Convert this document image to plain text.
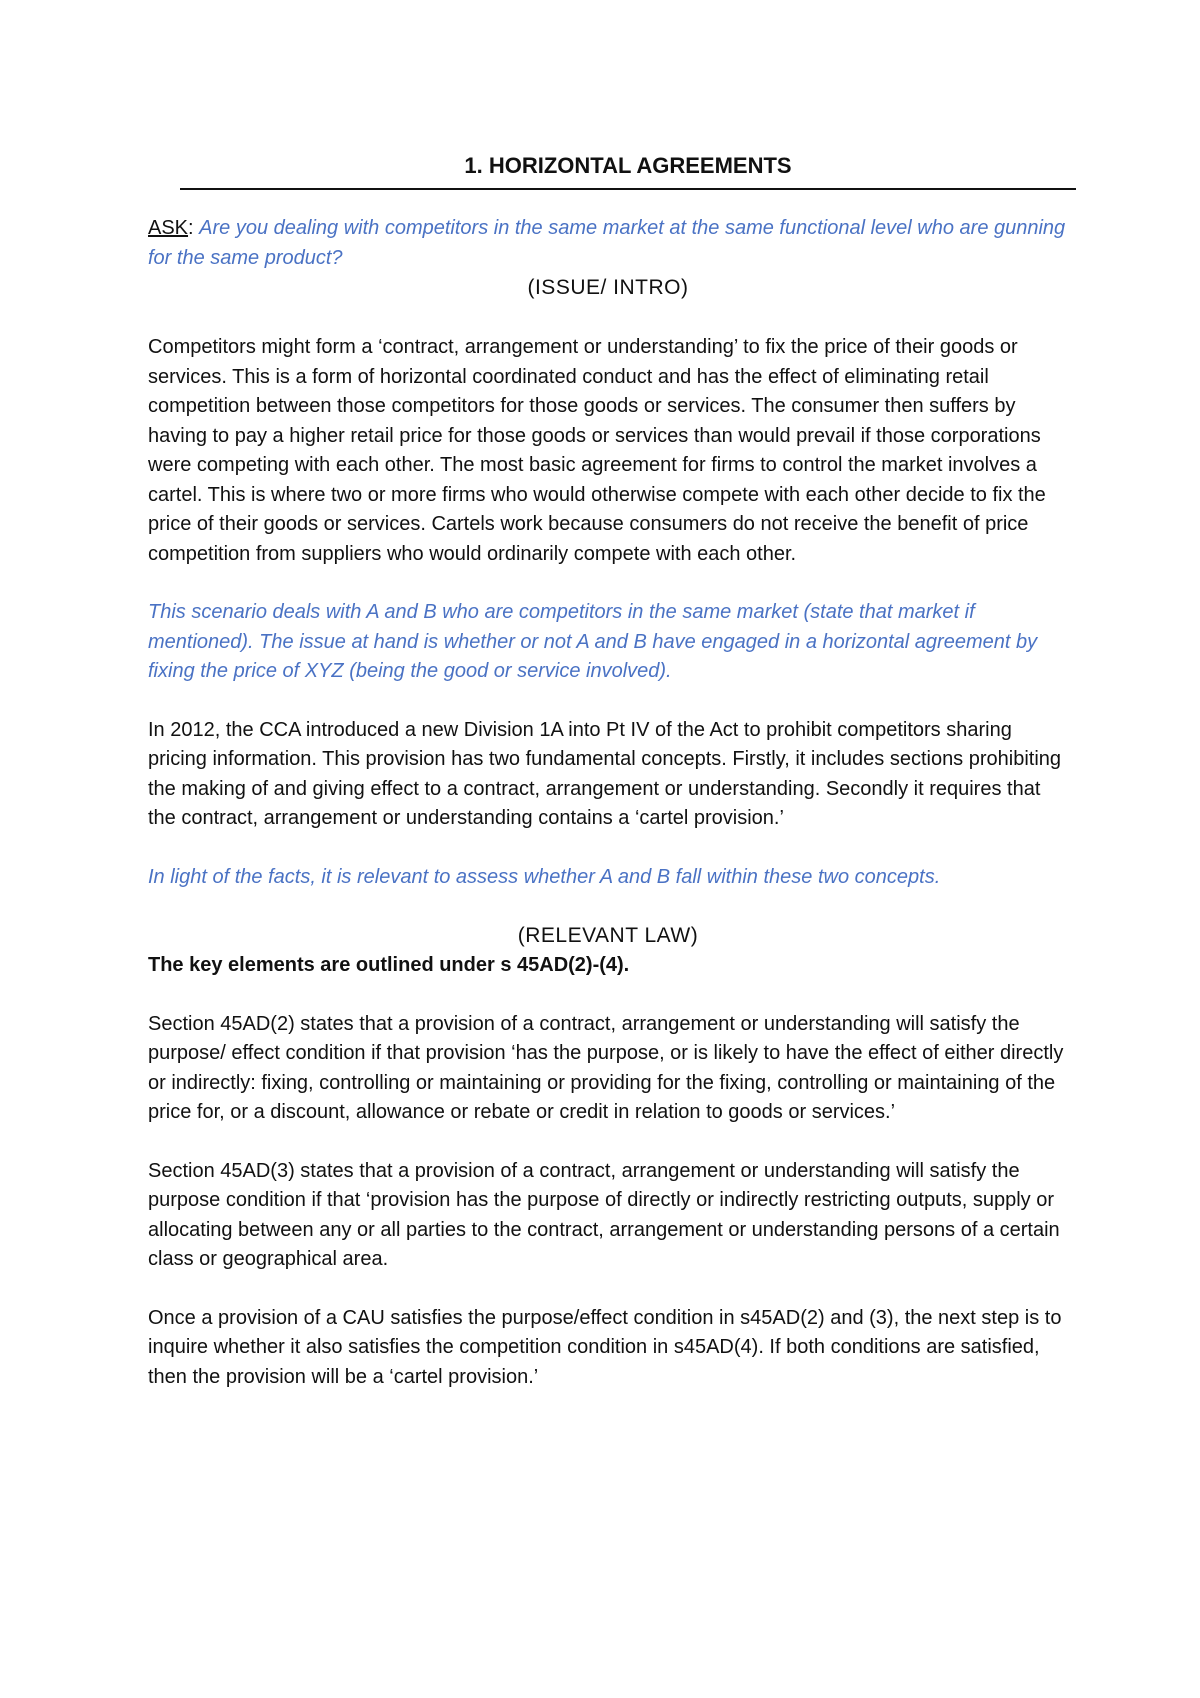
1. HORIZONTAL AGREEMENTS
ASK: Are you dealing with competitors in the same market at the same functional level who are gunning for the same product?
(ISSUE/ INTRO)

Competitors might form a ‘contract, arrangement or understanding’ to fix the price of their goods or services. This is a form of horizontal coordinated conduct and has the effect of eliminating retail competition between those competitors for those goods or services. The consumer then suffers by having to pay a higher retail price for those goods or services than would prevail if those corporations were competing with each other. The most basic agreement for firms to control the market involves a cartel. This is where two or more firms who would otherwise compete with each other decide to fix the price of their goods or services. Cartels work because consumers do not receive the benefit of price competition from suppliers who would ordinarily compete with each other.

This scenario deals with A and B who are competitors in the same market (state that market if mentioned). The issue at hand is whether or not A and B have engaged in a horizontal agreement by fixing the price of XYZ (being the good or service involved).

In 2012, the CCA introduced a new Division 1A into Pt IV of the Act to prohibit competitors sharing pricing information. This provision has two fundamental concepts. Firstly, it includes sections prohibiting the making of and giving effect to a contract, arrangement or understanding. Secondly it requires that the contract, arrangement or understanding contains a ‘cartel provision.’

In light of the facts, it is relevant to assess whether A and B fall within these two concepts.

(RELEVANT LAW)

The key elements are outlined under s 45AD(2)-(4).

Section 45AD(2) states that a provision of a contract, arrangement or understanding will satisfy the purpose/ effect condition if that provision ‘has the purpose, or is likely to have the effect of either directly or indirectly: fixing, controlling or maintaining or providing for the fixing, controlling or maintaining of the price for, or a discount, allowance or rebate or credit in relation to goods or services.’

Section 45AD(3) states that a provision of a contract, arrangement or understanding will satisfy the purpose condition if that ‘provision has the purpose of directly or indirectly restricting outputs, supply or allocating between any or all parties to the contract, arrangement or understanding persons of a certain class or geographical area.

Once a provision of a CAU satisfies the purpose/effect condition in s45AD(2) and (3), the next step is to inquire whether it also satisfies the competition condition in s45AD(4). If both conditions are satisfied, then the provision will be a ‘cartel provision.’
